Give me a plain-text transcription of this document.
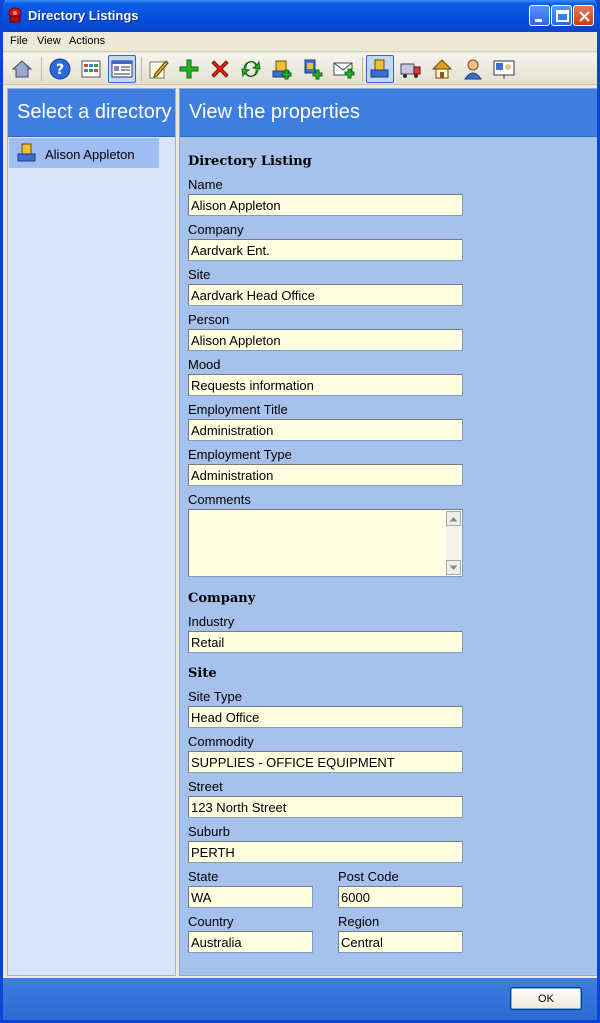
Directory Listings
File View Actions
?
Select a directory
Alison Appleton
View the properties
Directory Listing
Name
Alison Appleton
Company
Aardvark Ent.
Site
Aardvark Head Office
Person
Alison Appleton
Mood
Requests information
Employment Title
Administration
Employment Type
Administration
Comments
Company
Industry
Retail
Site
Site Type
Head Office
Commodity
SUPPLIES - OFFICE EQUIPMENT
Street
123 North Street
Suburb
PERTH
State
WA	Post Code
6000
Country
Australia	Region
Central
OK
